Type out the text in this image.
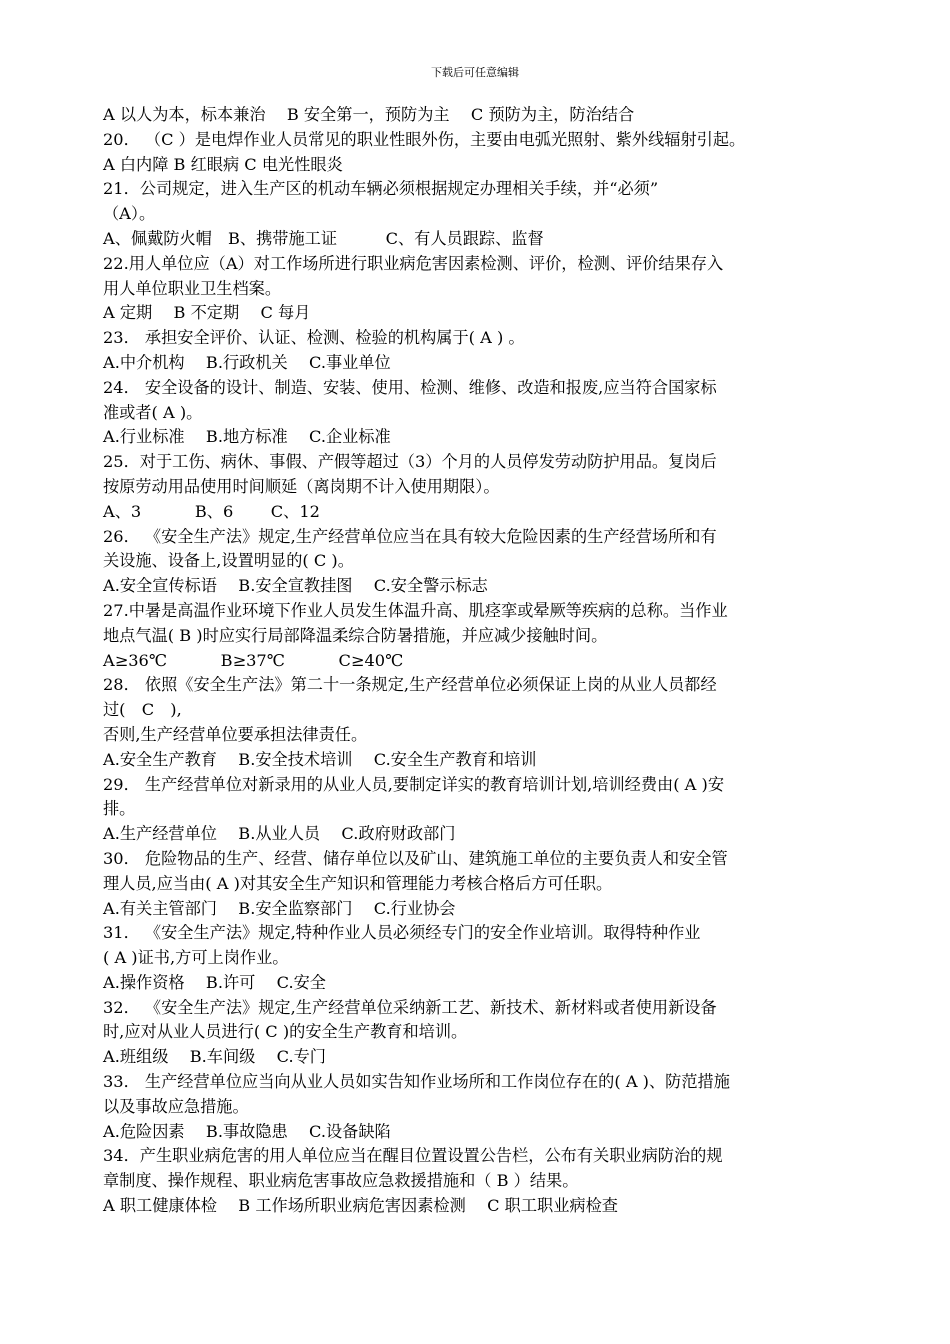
下载后可任意编辑
A 以人为本，标本兼治　 B 安全第一，预防为主　 C 预防为主，防治结合
20． （C ）是电焊作业人员常见的职业性眼外伤，主要由电弧光照射、紫外线辐射引起。
A 白内障 B 红眼病 C 电光性眼炎
21．公司规定，进入生产区的机动车辆必须根据规定办理相关手续，并“必须”
（A）。
A、佩戴防火帽　B、携带施工证　　　C、有人员跟踪、监督
22.用人单位应（A）对工作场所进行职业病危害因素检测、评价，检测、评价结果存入
用人单位职业卫生档案。
A 定期　 B 不定期　 C 每月
23． 承担安全评价、认证、检测、检验的机构属于( A ) 。
A.中介机构　 B.行政机关　 C.事业单位
24． 安全设备的设计、制造、安装、使用、检测、维修、改造和报废,应当符合国家标
准或者( A )。
A.行业标准　 B.地方标准　 C.企业标准
25．对于工伤、病休、事假、产假等超过（3）个月的人员停发劳动防护用品。复岗后
按原劳动用品使用时间顺延（离岗期不计入使用期限）。
A、3　　　 B、6　　 C、12
26． 《安全生产法》规定,生产经营单位应当在具有较大危险因素的生产经营场所和有
关设施、设备上,设置明显的( C )。
A.安全宣传标语　 B.安全宣教挂图　 C.安全警示标志
27.中暑是高温作业环境下作业人员发生体温升高、肌痉挛或晕厥等疾病的总称。当作业
地点气温( B )时应实行局部降温柔综合防暑措施，并应减少接触时间。
A≥36℃　　　 B≥37℃　　　 C≥40℃
28． 依照《安全生产法》第二十一条规定,生产经营单位必须保证上岗的从业人员都经
过(　C　),
否则,生产经营单位要承担法律责任。
A.安全生产教育　 B.安全技术培训　 C.安全生产教育和培训
29． 生产经营单位对新录用的从业人员,要制定详实的教育培训计划,培训经费由( A )安
排。
A.生产经营单位　 B.从业人员　 C.政府财政部门
30． 危险物品的生产、经营、储存单位以及矿山、建筑施工单位的主要负责人和安全管
理人员,应当由( A )对其安全生产知识和管理能力考核合格后方可任职。
A.有关主管部门　 B.安全监察部门　 C.行业协会
31． 《安全生产法》规定,特种作业人员必须经专门的安全作业培训。取得特种作业
( A )证书,方可上岗作业。
A.操作资格　 B.许可　 C.安全
32． 《安全生产法》规定,生产经营单位采纳新工艺、新技术、新材料或者使用新设备
时,应对从业人员进行( C )的安全生产教育和培训。
A.班组级　 B.车间级　 C.专门
33． 生产经营单位应当向从业人员如实告知作业场所和工作岗位存在的( A )、防范措施
以及事故应急措施。
A.危险因素　 B.事故隐患　 C.设备缺陷
34．产生职业病危害的用人单位应当在醒目位置设置公告栏，公布有关职业病防治的规
章制度、操作规程、职业病危害事故应急救援措施和（ B ）结果。
A 职工健康体检　 B 工作场所职业病危害因素检测　 C 职工职业病检查
